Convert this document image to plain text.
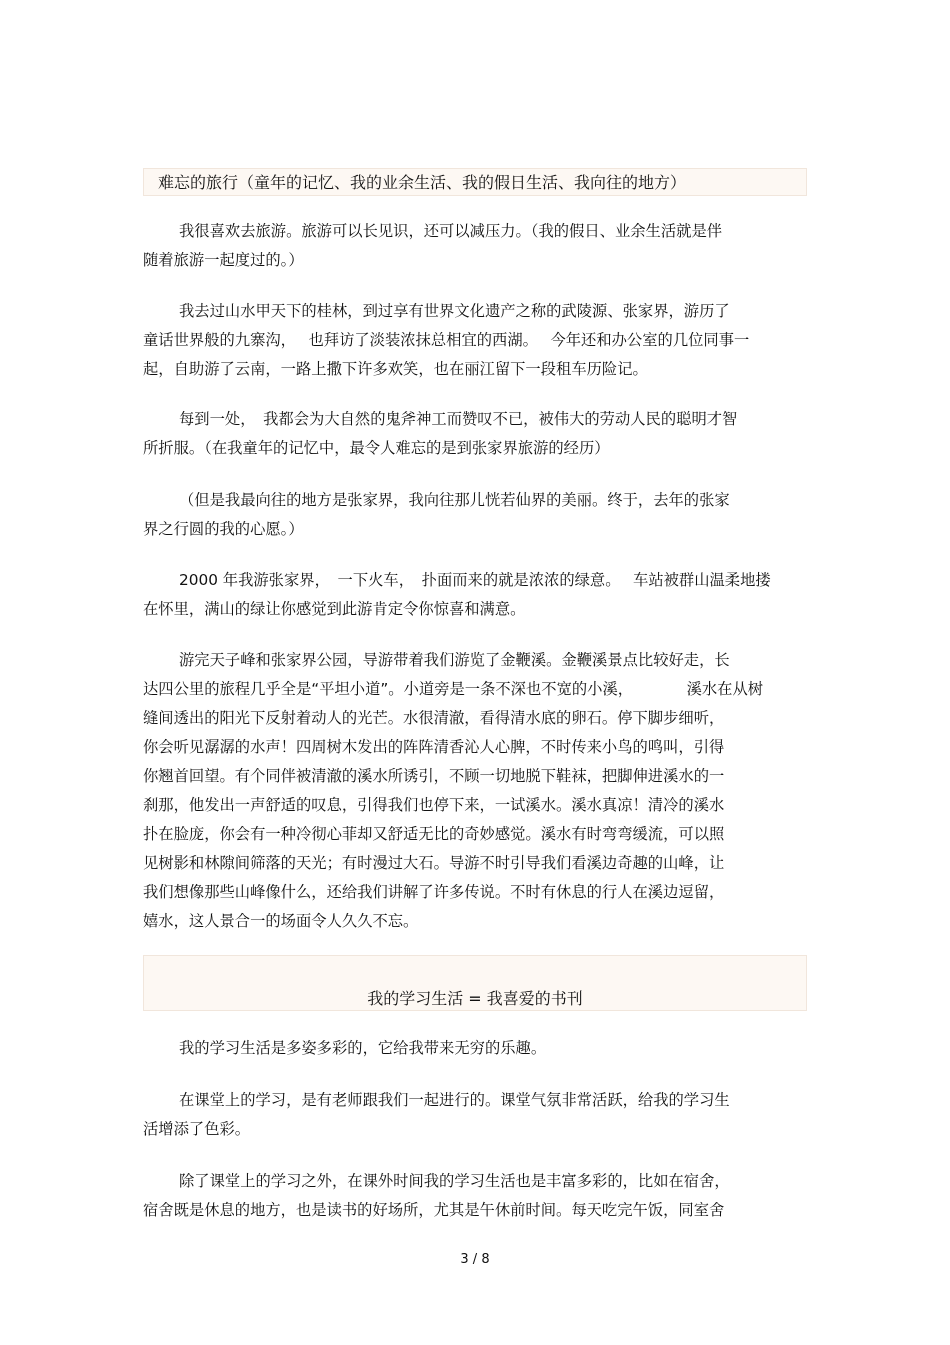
难忘的旅行（童年的记忆、我的业余生活、我的假日生活、我向往的地方）
我很喜欢去旅游。旅游可以长见识，还可以减压力。（我的假日、业余生活就是伴
随着旅游一起度过的。）
我去过山水甲天下的桂林，到过享有世界文化遗产之称的武陵源、张家界，游历了
童话世界般的九寨沟，　 也拜访了淡装浓抹总相宜的西湖。　 今年还和办公室的几位同事一
起，自助游了云南，一路上撒下许多欢笑，也在丽江留下一段租车历险记。
每到一处，　我都会为大自然的鬼斧神工而赞叹不已，被伟大的劳动人民的聪明才智
所折服。（在我童年的记忆中，最令人难忘的是到张家界旅游的经历）
（但是我最向往的地方是张家界，我向往那儿恍若仙界的美丽。终于，去年的张家
界之行圆的我的心愿。）
2000 年我游张家界，　一下火车，　扑面而来的就是浓浓的绿意。　 车站被群山温柔地搂
在怀里，满山的绿让你感觉到此游肯定令你惊喜和满意。
游完天子峰和张家界公园，导游带着我们游览了金鞭溪。金鞭溪景点比较好走，长
达四公里的旅程几乎全是“平坦小道”。小道旁是一条不深也不宽的小溪，　　　　溪水在从树
缝间透出的阳光下反射着动人的光芒。水很清澈，看得清水底的卵石。停下脚步细听，
你会听见潺潺的水声！四周树木发出的阵阵清香沁人心脾，不时传来小鸟的鸣叫，引得
你翘首回望。有个同伴被清澈的溪水所诱引，不顾一切地脱下鞋袜，把脚伸进溪水的一
刹那，他发出一声舒适的叹息，引得我们也停下来，一试溪水。溪水真凉！清冷的溪水
扑在脸庞，你会有一种冷彻心菲却又舒适无比的奇妙感觉。溪水有时弯弯缓流，可以照
见树影和林隙间筛落的天光；有时漫过大石。导游不时引导我们看溪边奇趣的山峰，让
我们想像那些山峰像什么，还给我们讲解了许多传说。不时有休息的行人在溪边逗留，
嬉水，这人景合一的场面令人久久不忘。
我的学习生活 = 我喜爱的书刊
我的学习生活是多姿多彩的，它给我带来无穷的乐趣。
在课堂上的学习，是有老师跟我们一起进行的。课堂气氛非常活跃，给我的学习生
活增添了色彩。
除了课堂上的学习之外，在课外时间我的学习生活也是丰富多彩的，比如在宿舍，
宿舍既是休息的地方，也是读书的好场所，尤其是午休前时间。每天吃完午饭，同室舍
3 / 8
